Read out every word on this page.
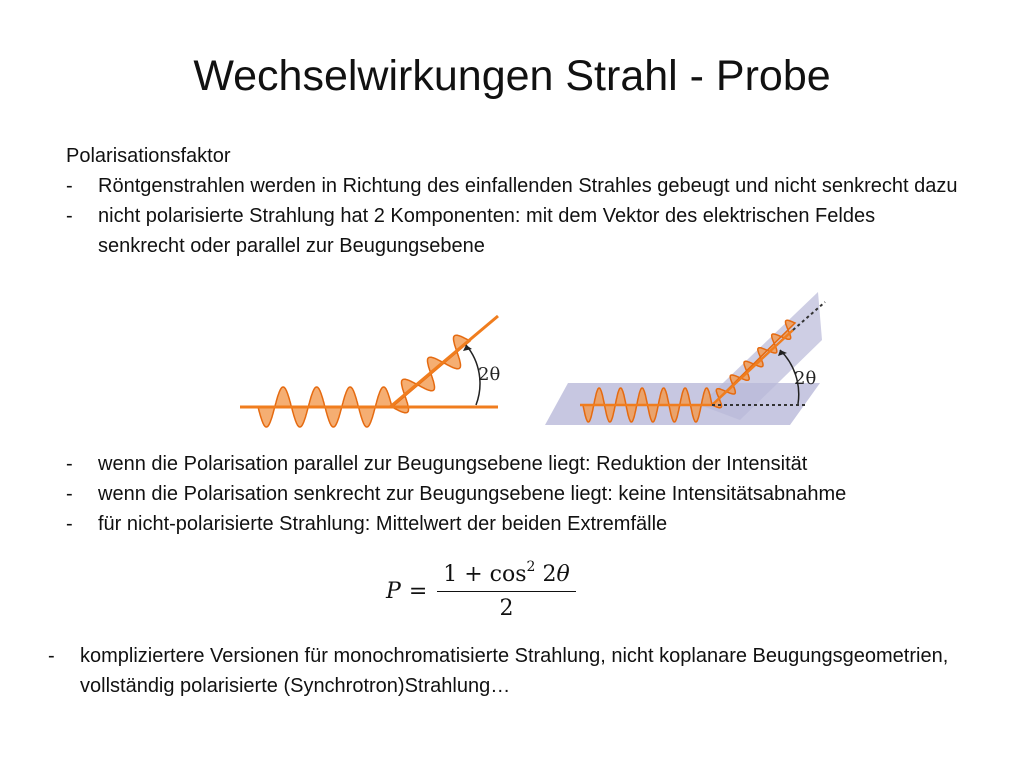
Wechselwirkungen Strahl - Probe
Polarisationsfaktor
- Röntgenstrahlen werden in Richtung des einfallenden Strahles gebeugt und nicht senkrecht dazu
- nicht polarisierte Strahlung hat 2 Komponenten: mit dem Vektor des elektrischen Feldes senkrecht oder parallel zur Beugungsebene
2θ	2θ
- wenn die Polarisation parallel zur Beugungsebene liegt: Reduktion der Intensität
- wenn die Polarisation senkrecht zur Beugungsebene liegt: keine Intensitätsabnahme
- für nicht-polarisierte Strahlung: Mittelwert der beiden Extremfälle
$P = \frac{1 + \cos^2 2\theta}{2}$
- kompliziertere Versionen für monochromatisierte Strahlung, nicht koplanare Beugungsgeometrien, vollständig polarisierte (Synchrotron)Strahlung…
